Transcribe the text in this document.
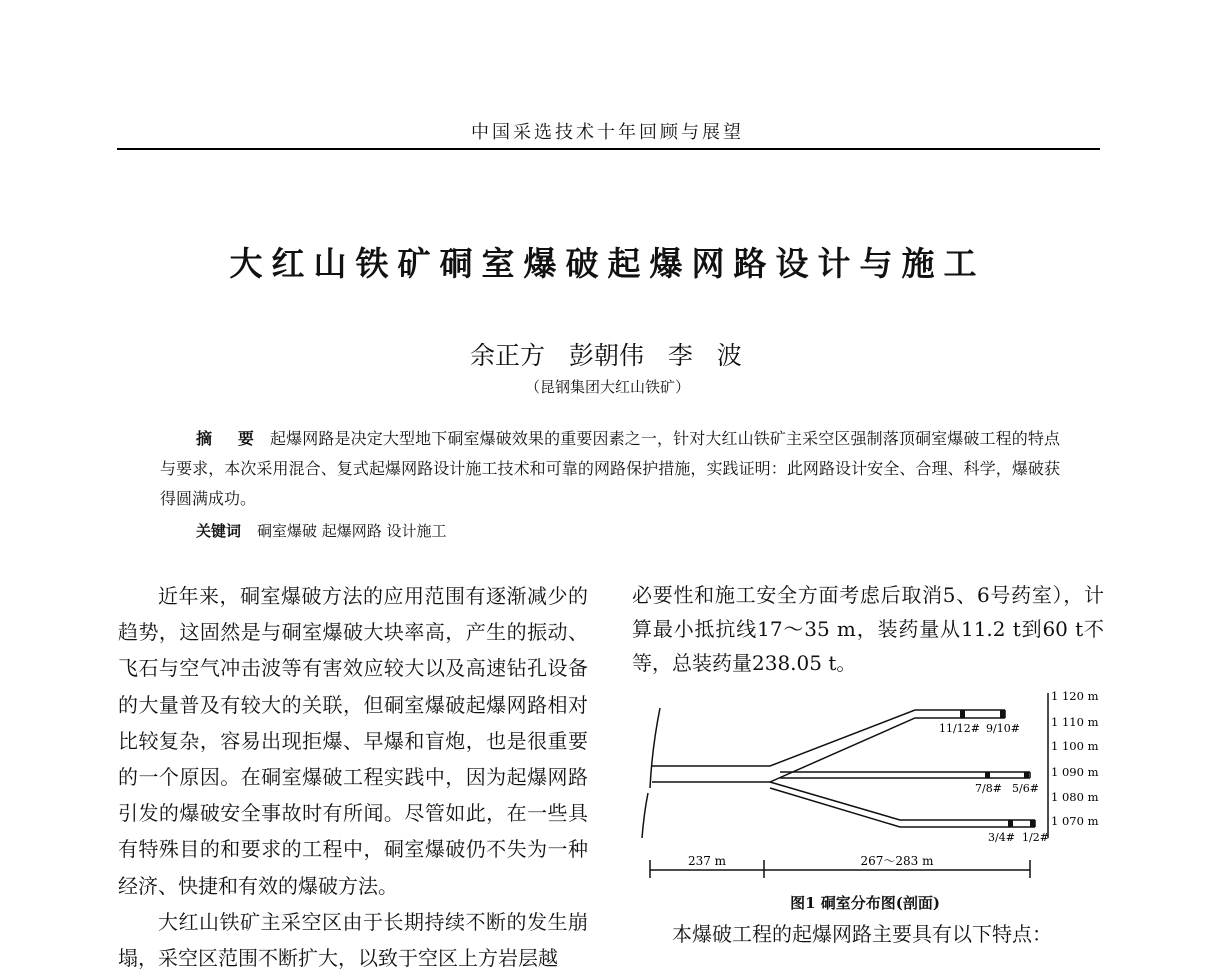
中国采选技术十年回顾与展望
大红山铁矿硐室爆破起爆网路设计与施工
余正方 彭朝伟 李 波
（昆钢集团大红山铁矿）

摘 要 起爆网路是决定大型地下硐室爆破效果的重要因素之一，针对大红山铁矿主采空区强制落顶硐室爆破工程的特点与要求，本次采用混合、复式起爆网路设计施工技术和可靠的网路保护措施，实践证明：此网路设计安全、合理、科学，爆破获得圆满成功。

关键词 硐室爆破 起爆网路 设计施工

近年来，硐室爆破方法的应用范围有逐渐减少的趋势，这固然是与硐室爆破大块率高，产生的振动、飞石与空气冲击波等有害效应较大以及高速钻孔设备的大量普及有较大的关联，但硐室爆破起爆网路相对比较复杂，容易出现拒爆、早爆和盲炮，也是很重要的一个原因。在硐室爆破工程实践中，因为起爆网路引发的爆破安全事故时有所闻。尽管如此，在一些具有特殊目的和要求的工程中，硐室爆破仍不失为一种经济、快捷和有效的爆破方法。

大红山铁矿主采空区由于长期持续不断的发生崩塌，采空区范围不断扩大，以致于空区上方岩层越

必要性和施工安全方面考虑后取消5、6号药室），计算最小抵抗线17～35 m，装药量从11.2 t到60 t不等，总装药量238.05 t。

11/12# 9/10#
7/8# 5/6#
3/4# 1/2#
1 120 m
1 110 m
1 100 m
1 090 m
1 080 m
1 070 m
237 m	267～283 m
图1 硐室分布图(剖面)
本爆破工程的起爆网路主要具有以下特点：
